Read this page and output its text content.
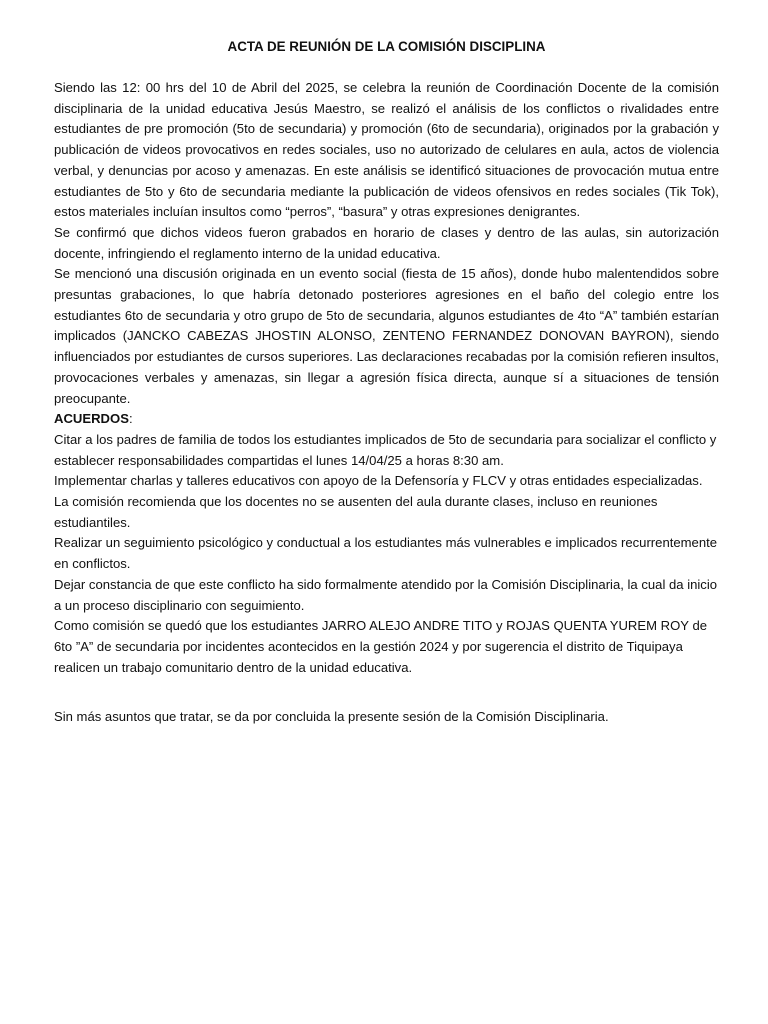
ACTA DE REUNIÓN DE LA COMISIÓN DISCIPLINA

Siendo las 12: 00 hrs del 10 de Abril del 2025, se celebra la reunión de Coordinación Docente de la comisión disciplinaria de la unidad educativa Jesús Maestro, se realizó el análisis de los conflictos o rivalidades entre estudiantes de pre promoción (5to de secundaria) y promoción (6to de secundaria), originados por la grabación y publicación de videos provocativos en redes sociales, uso no autorizado de celulares en aula, actos de violencia verbal, y denuncias por acoso y amenazas. En este análisis se identificó situaciones de provocación mutua entre estudiantes de 5to y 6to de secundaria mediante la publicación de videos ofensivos en redes sociales (Tik Tok), estos materiales incluían insultos como “perros”, “basura” y otras expresiones denigrantes.

Se confirmó que dichos videos fueron grabados en horario de clases y dentro de las aulas, sin autorización docente, infringiendo el reglamento interno de la unidad educativa.

Se mencionó una discusión originada en un evento social (fiesta de 15 años), donde hubo malentendidos sobre presuntas grabaciones, lo que habría detonado posteriores agresiones en el baño del colegio entre los estudiantes 6to de secundaria y otro grupo de 5to de secundaria, algunos estudiantes de 4to “A” también estarían implicados (JANCKO CABEZAS JHOSTIN ALONSO, ZENTENO FERNANDEZ DONOVAN BAYRON), siendo influenciados por estudiantes de cursos superiores. Las declaraciones recabadas por la comisión refieren insultos, provocaciones verbales y amenazas, sin llegar a agresión física directa, aunque sí a situaciones de tensión preocupante.

ACUERDOS:

Citar a los padres de familia de todos los estudiantes implicados de 5to de secundaria para socializar el conflicto y establecer responsabilidades compartidas el lunes 14/04/25 a horas 8:30 am.

Implementar charlas y talleres educativos con apoyo de la Defensoría y FLCV y otras entidades especializadas.

La comisión recomienda que los docentes no se ausenten del aula durante clases, incluso en reuniones estudiantiles.

Realizar un seguimiento psicológico y conductual a los estudiantes más vulnerables e implicados recurrentemente en conflictos.

Dejar constancia de que este conflicto ha sido formalmente atendido por la Comisión Disciplinaria, la cual da inicio a un proceso disciplinario con seguimiento.

Como comisión se quedó que los estudiantes JARRO ALEJO ANDRE TITO y ROJAS QUENTA YUREM ROY de 6to ”A” de secundaria por incidentes acontecidos en la gestión 2024 y por sugerencia el distrito de Tiquipaya realicen un trabajo comunitario dentro de la unidad educativa.

Sin más asuntos que tratar, se da por concluida la presente sesión de la Comisión Disciplinaria.
